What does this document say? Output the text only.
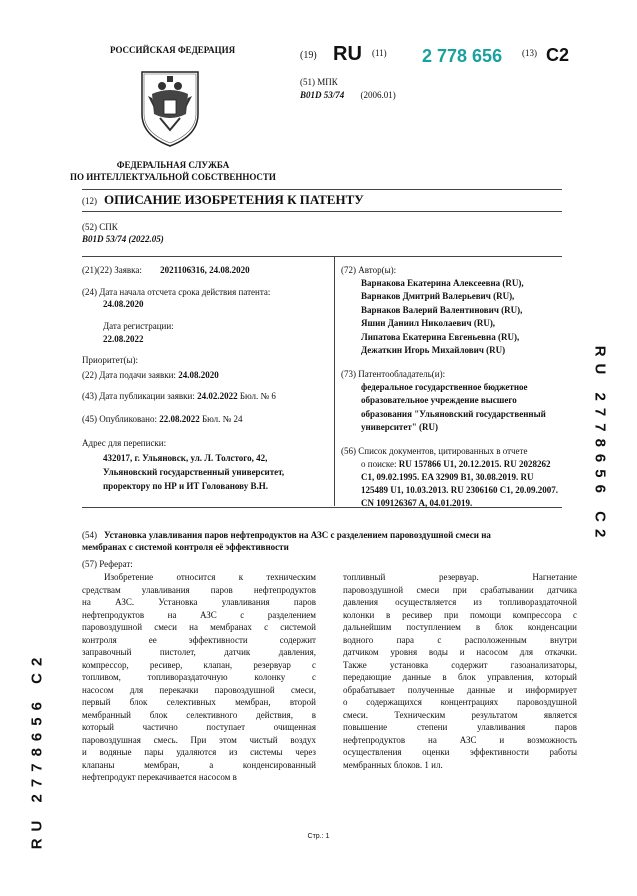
РОССИЙСКАЯ ФЕДЕРАЦИЯ
ФЕДЕРАЛЬНАЯ СЛУЖБА
ПО ИНТЕЛЛЕКТУАЛЬНОЙ СОБСТВЕННОСТИ
(19) RU (11) 2 778 656 (13) C2
(51) МПК
B01D 53/74 (2006.01)
(12) ОПИСАНИЕ ИЗОБРЕТЕНИЯ К ПАТЕНТУ
(52) СПК
B01D 53/74 (2022.05)
(21)(22) Заявка: 2021106316, 24.08.2020
(24) Дата начала отсчета срока действия патента:
24.08.2020
Дата регистрации:
22.08.2022
Приоритет(ы):
(22) Дата подачи заявки: 24.08.2020
(43) Дата публикации заявки: 24.02.2022 Бюл. № 6
(45) Опубликовано: 22.08.2022 Бюл. № 24
Адрес для переписки:
432017, г. Ульяновск, ул. Л. Толстого, 42,
Ульяновский государственный университет,
проректору по НР и ИТ Голованову В.Н.
(72) Автор(ы):
Варнакова Екатерина Алексеевна (RU),
Варнаков Дмитрий Валерьевич (RU),
Варнаков Валерий Валентинович (RU),
Яшин Даниил Николаевич (RU),
Липатова Екатерина Евгеньевна (RU),
Дежаткин Игорь Михайлович (RU)
(73) Патентообладатель(и):
федеральное государственное бюджетное
образовательное учреждение высшего
образования "Ульяновский государственный
университет" (RU)
(56) Список документов, цитированных в отчете
о поиске: RU 157866 U1, 20.12.2015. RU 2028262
C1, 09.02.1995. EA 32909 B1, 30.08.2019. RU
125489 U1, 10.03.2013. RU 2306160 C1, 20.09.2007.
CN 109126367 A, 04.01.2019.
(54) Установка улавливания паров нефтепродуктов на АЗС с разделением паровоздушной смеси на
мембранах с системой контроля её эффективности
(57) Реферат:
Изобретение относится к техническим
средствам улавливания паров нефтепродуктов
на АЗС. Установка улавливания паров
нефтепродуктов на АЗС с разделением
паровоздушной смеси на мембранах с системой
контроля ее эффективности содержит
заправочный пистолет, датчик давления,
компрессор, ресивер, клапан, резервуар с
топливом, топливораздаточную колонку с
насосом для перекачки паровоздушной смеси,
первый блок селективных мембран, второй
мембранный блок селективного действия, в
который частично поступает очищенная
паровоздушная смесь. При этом чистый воздух
и водяные пары удаляются из системы через
клапаны мембран, а конденсированный
нефтепродукт перекачивается насосом в
топливный резервуар. Нагнетание
паровоздушной смеси при срабатывании датчика
давления осуществляется из топливораздаточной
колонки в ресивер при помощи компрессора с
дальнейшим поступлением в блок конденсации
водного пара с расположенным внутри
датчиком уровня воды и насосом для откачки.
Также установка содержит газоанализаторы,
передающие данные в блок управления, который
обрабатывает полученные данные и информирует
о содержащихся концентрациях паровоздушной
смеси. Техническим результатом является
повышение степени улавливания паров
нефтепродуктов на АЗС и возможность
осуществления оценки эффективности работы
мембранных блоков. 1 ил.
RU 2778656 C2
RU 2778656 C2
Стр.: 1
